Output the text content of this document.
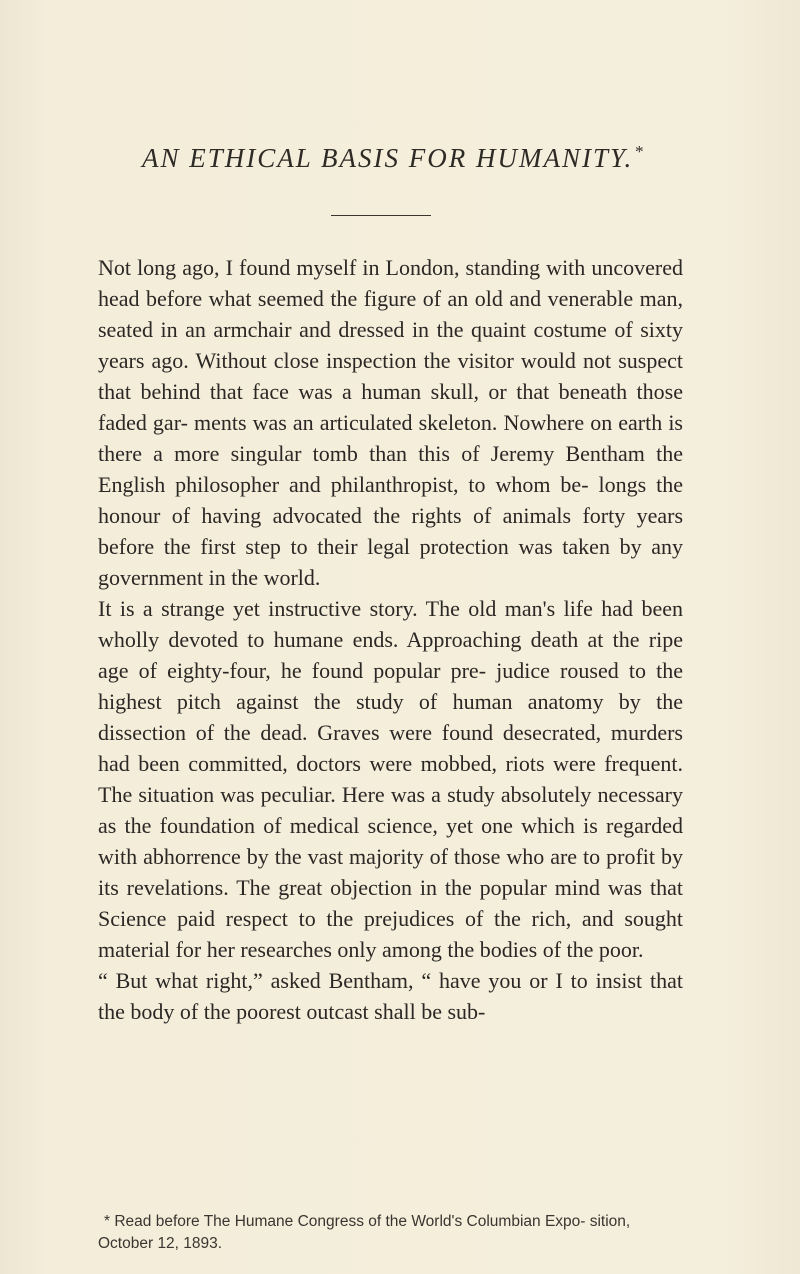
AN ETHICAL BASIS FOR HUMANITY.*

Not long ago, I found myself in London, standing with uncovered head before what seemed the figure of an old and venerable man, seated in an armchair and dressed in the quaint costume of sixty years ago. Without close inspection the visitor would not suspect that behind that face was a human skull, or that beneath those faded gar- ments was an articulated skeleton. Nowhere on earth is there a more singular tomb than this of Jeremy Bentham the English philosopher and philanthropist, to whom be- longs the honour of having advocated the rights of animals forty years before the first step to their legal protection was taken by any government in the world.

It is a strange yet instructive story. The old man's life had been wholly devoted to humane ends. Approaching death at the ripe age of eighty-four, he found popular pre- judice roused to the highest pitch against the study of human anatomy by the dissection of the dead. Graves were found desecrated, murders had been committed, doctors were mobbed, riots were frequent. The situation was peculiar. Here was a study absolutely necessary as the foundation of medical science, yet one which is regarded with abhorrence by the vast majority of those who are to profit by its revelations. The great objection in the popular mind was that Science paid respect to the prejudices of the rich, and sought material for her researches only among the bodies of the poor.

“ But what right,” asked Bentham, “ have you or I to insist that the body of the poorest outcast shall be sub-

* Read before The Humane Congress of the World's Columbian Expo- sition, October 12, 1893.
